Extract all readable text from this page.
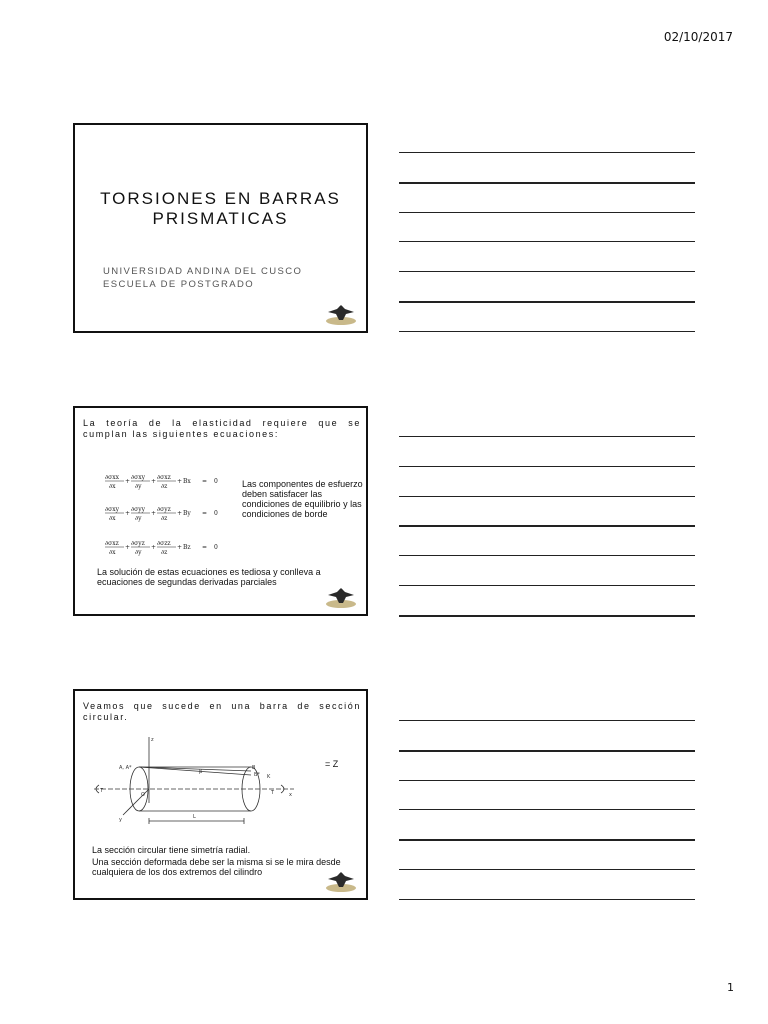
02/10/2017
TORSIONES EN BARRAS
PRISMATICAS
UNIVERSIDAD ANDINA DEL CUSCO
ESCUELA DE POSTGRADO
La teoría de la elasticidad requiere que se cumplan las siguientes ecuaciones:
∂σxx
∂x
+
∂σxy
∂y
+
∂σxz
∂z
+ Bx = 0
∂σxy
∂x
+
∂σyy
∂y
+
∂σyz
∂z
+ By = 0
∂σxz
∂x
+
∂σyz
∂y
+
∂σzz
∂z
+ Bz = 0
Las componentes de esfuerzo deben satisfacer las condiciones de equilibrio y las condiciones de borde
La solución de estas ecuaciones es tediosa y conlleva a ecuaciones de segundas derivadas parciales
Veamos que sucede en una barra de sección circular.
= Z
z
A, A*	B
B* K
O
L
T	T	x
y
β
La sección circular tiene simetría radial.
Una sección deformada debe ser la misma si se le mira desde cualquiera de los dos extremos del cilindro
1
